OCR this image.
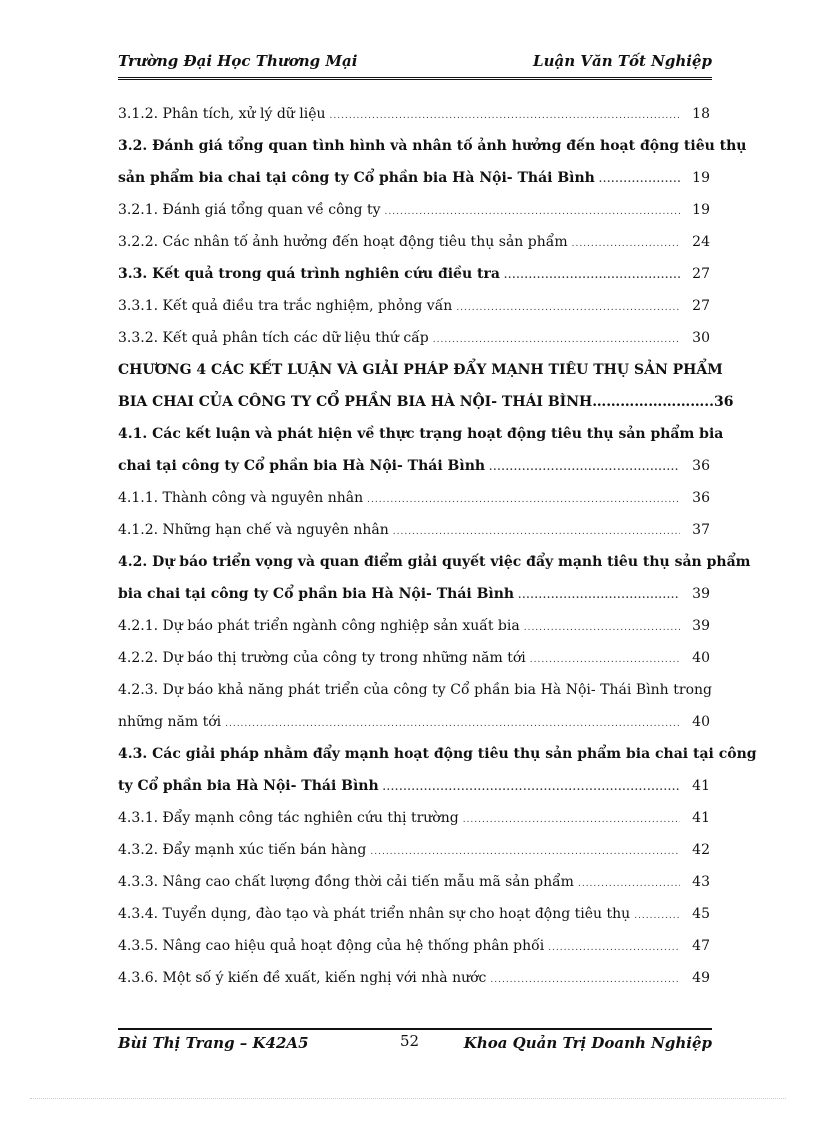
Trường Đại Học Thương Mại	Luận Văn Tốt Nghiệp
3.1.2. Phân tích, xử lý dữ liệu .....	18
3.2. Đánh giá tổng quan tình hình và nhân tố ảnh hưởng đến hoạt động tiêu thụ
sản phẩm bia chai tại công ty Cổ phần bia Hà Nội- Thái Bình .....	19
3.2.1. Đánh giá tổng quan về công ty .....	19
3.2.2. Các nhân tố ảnh hưởng đến hoạt động tiêu thụ sản phẩm .....	24
3.3. Kết quả trong quá trình nghiên cứu điều tra .....	27
3.3.1. Kết quả điều tra trắc nghiệm, phỏng vấn .....	27
3.3.2. Kết quả phân tích các dữ liệu thứ cấp .....	30
CHƯƠNG 4 CÁC KẾT LUẬN VÀ GIẢI PHÁP ĐẨY MẠNH TIÊU THỤ SẢN PHẨM
BIA CHAI CỦA CÔNG TY CỔ PHẦN BIA HÀ NỘI- THÁI BÌNH……………………..36
4.1. Các kết luận và phát hiện về thực trạng hoạt động tiêu thụ sản phẩm bia
chai tại công ty Cổ phần bia Hà Nội- Thái Bình .....	36
4.1.1. Thành công và nguyên nhân .....	36
4.1.2. Những hạn chế và nguyên nhân .....	37
4.2. Dự báo triển vọng và quan điểm giải quyết việc đẩy mạnh tiêu thụ sản phẩm
bia chai tại công ty Cổ phần bia Hà Nội- Thái Bình .....	39
4.2.1. Dự báo phát triển ngành công nghiệp sản xuất bia .....	39
4.2.2. Dự báo thị trường của công ty trong những năm tới .....	40
4.2.3. Dự báo khả năng phát triển của công ty Cổ phần bia Hà Nội- Thái Bình trong
những năm tới .....	40
4.3. Các giải pháp nhằm đẩy mạnh hoạt động tiêu thụ sản phẩm bia chai tại công
ty Cổ phần bia Hà Nội- Thái Bình .....	41
4.3.1. Đẩy mạnh công tác nghiên cứu thị trường .....	41
4.3.2. Đẩy mạnh xúc tiến bán hàng .....	42
4.3.3. Nâng cao chất lượng đồng thời cải tiến mẫu mã sản phẩm .....	43
4.3.4. Tuyển dụng, đào tạo và phát triển nhân sự cho hoạt động tiêu thụ .....	45
4.3.5. Nâng cao hiệu quả hoạt động của hệ thống phân phối .....	47
4.3.6. Một số ý kiến đề xuất, kiến nghị với nhà nước .....	49
Bùi Thị Trang – K42A5	52	Khoa Quản Trị Doanh Nghiệp
